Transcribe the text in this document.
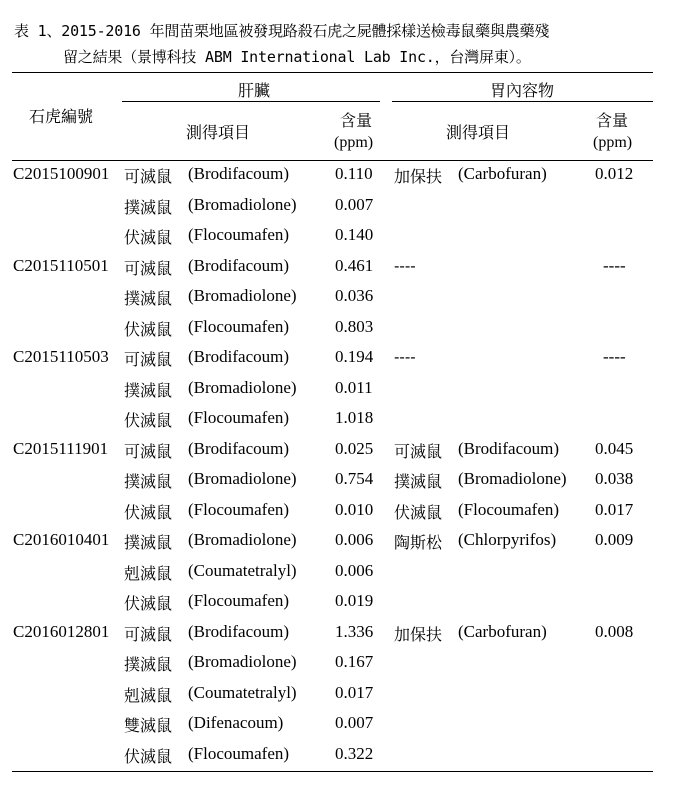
表 1、2015-2016 年間苗栗地區被發現路殺石虎之屍體採樣送檢毒鼠藥與農藥殘
留之結果（景博科技 ABM International Lab Inc.，台灣屏東）。
石虎編號
肝臟	胃內容物
測得項目
含量
(ppm)
測得項目
含量
(ppm)
C2015100901 可滅鼠 (Brodifacoum)	0.110 加保扶 (Carbofuran)	0.012
撲滅鼠 (Bromadiolone) 0.007
伏滅鼠 (Flocoumafen)	0.140
C2015110501 可滅鼠 (Brodifacoum)	0.461 ----	----
撲滅鼠 (Bromadiolone) 0.036
伏滅鼠 (Flocoumafen)	0.803
C2015110503 可滅鼠 (Brodifacoum)	0.194 ----	----
撲滅鼠 (Bromadiolone) 0.011
伏滅鼠 (Flocoumafen)	1.018
C2015111901 可滅鼠 (Brodifacoum)	0.025 可滅鼠 (Brodifacoum) 0.045
撲滅鼠 (Bromadiolone) 0.754 撲滅鼠 (Bromadiolone) 0.038
伏滅鼠 (Flocoumafen)	0.010 伏滅鼠 (Flocoumafen) 0.017
C2016010401 撲滅鼠 (Bromadiolone) 0.006 陶斯松 (Chlorpyrifos) 0.009
剋滅鼠 (Coumatetralyl) 0.006
伏滅鼠 (Flocoumafen)	0.019
C2016012801 可滅鼠 (Brodifacoum)	1.336 加保扶 (Carbofuran)	0.008
撲滅鼠 (Bromadiolone) 0.167
剋滅鼠 (Coumatetralyl) 0.017
雙滅鼠 (Difenacoum)	0.007
伏滅鼠 (Flocoumafen)	0.322
